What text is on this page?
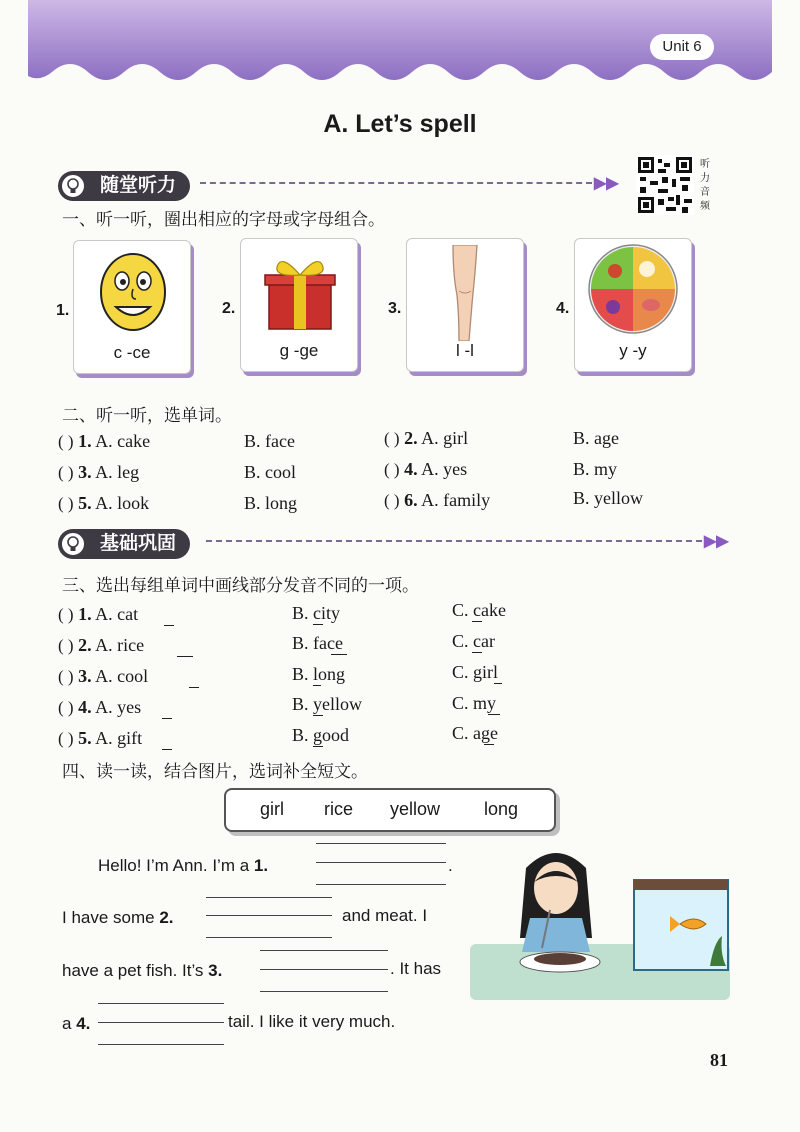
Unit 6
A. Let’s spell
随堂听力	▶▶
听力音频
一、听一听，圈出相应的字母或字母组合。
1.
c -ce
2.
g -ge
3.
l -l
4.
y -y
二、听一听，选单词。
( ) 1. A. cake	B. face	( ) 2. A. girl	B. age
( ) 3. A. leg	B. cool	( ) 4. A. yes	B. my
( ) 5. A. look	B. long	( ) 6. A. family	B. yellow
基础巩固	▶▶
三、选出每组单词中画线部分发音不同的一项。
( ) 1. A. cat	B. city	C. cake
( ) 2. A. rice	B. face	C. car
( ) 3. A. cool	B. long	C. girl
( ) 4. A. yes	B. yellow	C. my
( ) 5. A. gift	B. good	C. age
四、读一读，结合图片，选词补全短文。
girl rice yellow long
Hello! I’m Ann. I’m a 1.	.
I have some 2.	and meat. I
have a pet fish. It’s 3.	. It has
a 4.	tail. I like it very much.
81
